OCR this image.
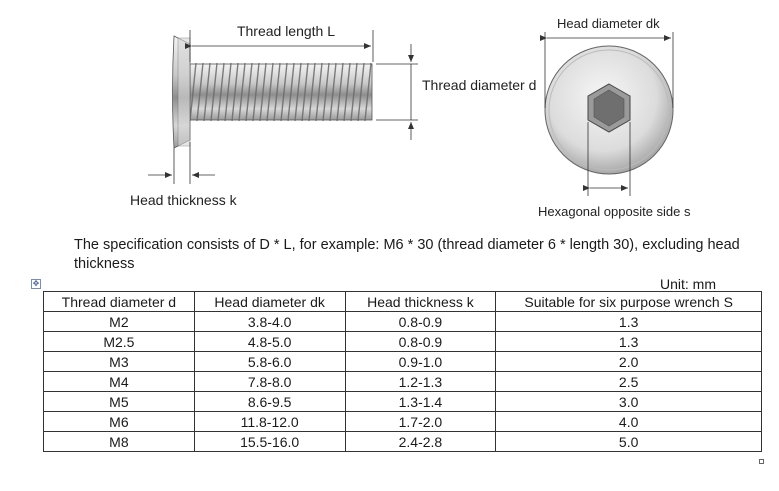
Thread length L
Thread diameter d
Head thickness k
Head diameter dk
Hexagonal opposite side s
The specification consists of D * L, for example: M6 * 30 (thread diameter 6 * length 30), excluding head thickness
✥	Unit: mm
Thread diameter d	Head diameter dk	Head thickness k	Suitable for six purpose wrench S
M2	3.8-4.0	0.8-0.9	1.3
M2.5	4.8-5.0	0.8-0.9	1.3
M3	5.8-6.0	0.9-1.0	2.0
M4	7.8-8.0	1.2-1.3	2.5
M5	8.6-9.5	1.3-1.4	3.0
M6	11.8-12.0	1.7-2.0	4.0
M8	15.5-16.0	2.4-2.8	5.0
